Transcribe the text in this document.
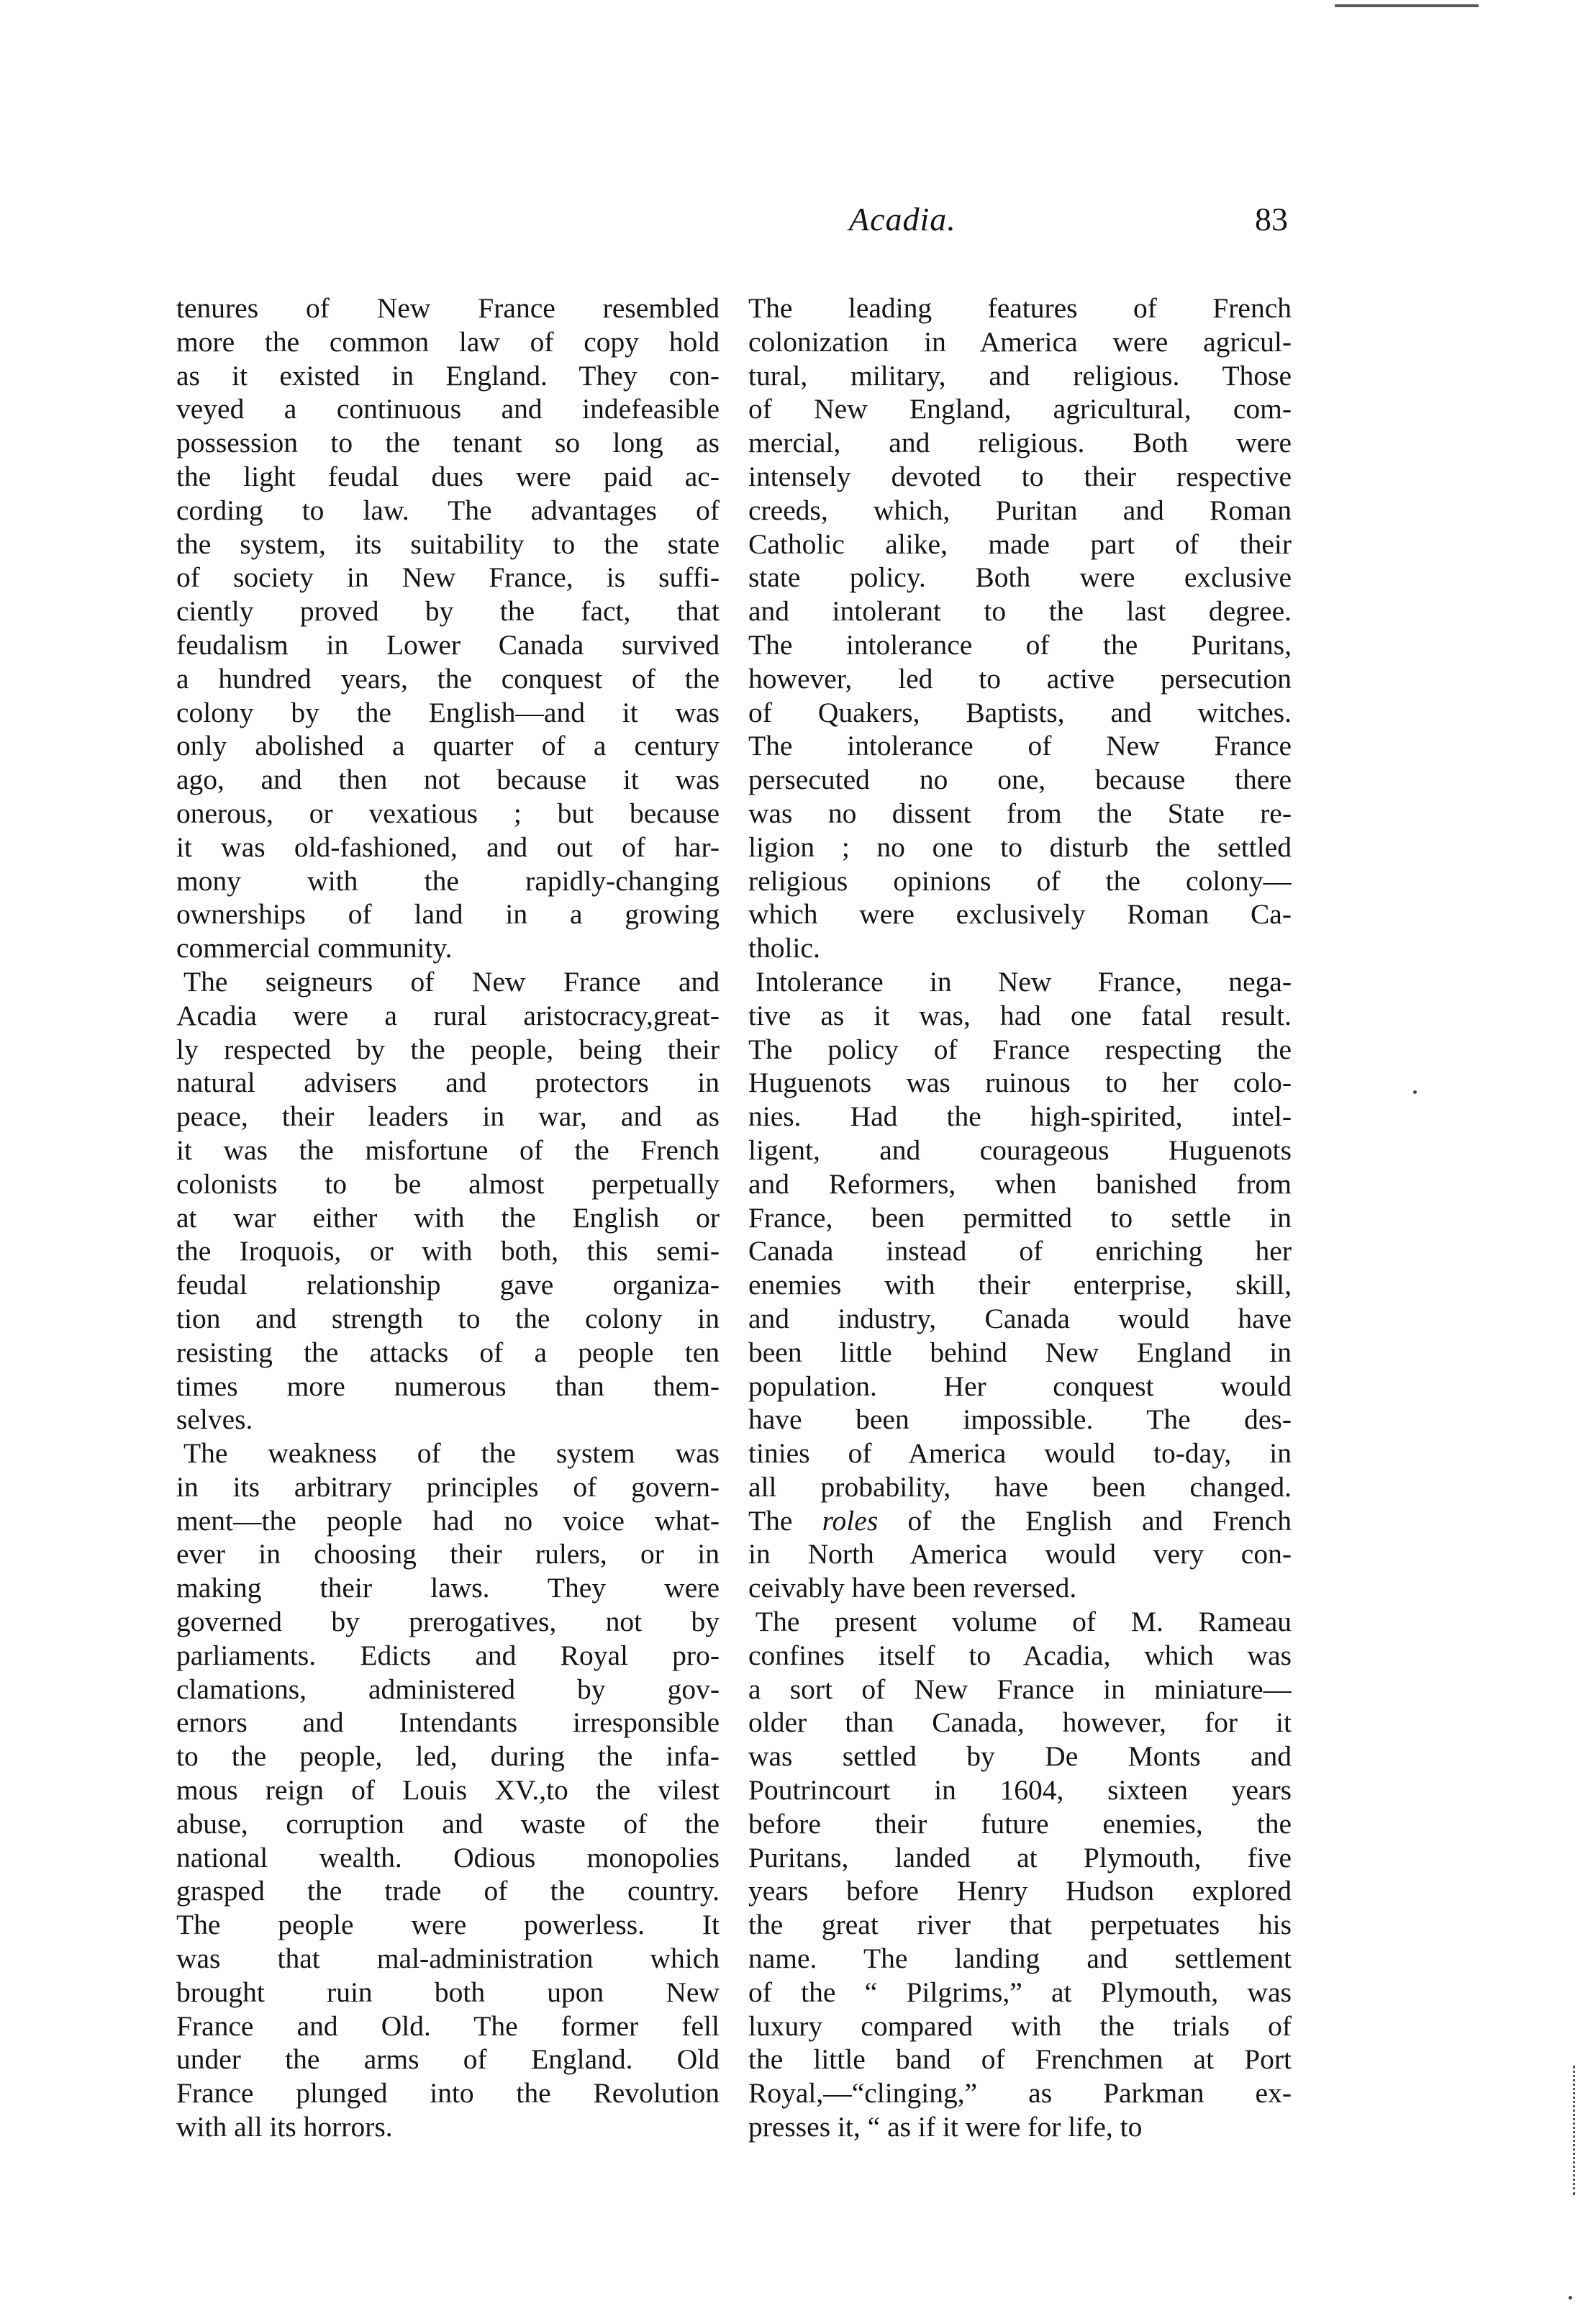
Acadia.	83
tenures of New France resembled
more the common law of copy hold
as it existed in England. They con-
veyed a continuous and indefeasible
possession to the tenant so long as
the light feudal dues were paid ac-
cording to law. The advantages of
the system, its suitability to the state
of society in New France, is suffi-
ciently proved by the fact, that
feudalism in Lower Canada survived
a hundred years, the conquest of the
colony by the English—and it was
only abolished a quarter of a century
ago, and then not because it was
onerous, or vexatious ; but because
it was old-fashioned, and out of har-
mony with the rapidly-changing
ownerships of land in a growing
commercial community.
The seigneurs of New France and
Acadia were a rural aristocracy,great-
ly respected by the people, being their
natural advisers and protectors in
peace, their leaders in war, and as
it was the misfortune of the French
colonists to be almost perpetually
at war either with the English or
the Iroquois, or with both, this semi-
feudal relationship gave organiza-
tion and strength to the colony in
resisting the attacks of a people ten
times more numerous than them-
selves.
The weakness of the system was
in its arbitrary principles of govern-
ment—the people had no voice what-
ever in choosing their rulers, or in
making their laws. They were
governed by prerogatives, not by
parliaments. Edicts and Royal pro-
clamations, administered by gov-
ernors and Intendants irresponsible
to the people, led, during the infa-
mous reign of Louis XV.,to the vilest
abuse, corruption and waste of the
national wealth. Odious monopolies
grasped the trade of the country.
The people were powerless. It
was that mal-administration which
brought ruin both upon New
France and Old. The former fell
under the arms of England. Old
France plunged into the Revolution
with all its horrors.
The leading features of French
colonization in America were agricul-
tural, military, and religious. Those
of New England, agricultural, com-
mercial, and religious. Both were
intensely devoted to their respective
creeds, which, Puritan and Roman
Catholic alike, made part of their
state policy. Both were exclusive
and intolerant to the last degree.
The intolerance of the Puritans,
however, led to active persecution
of Quakers, Baptists, and witches.
The intolerance of New France
persecuted no one, because there
was no dissent from the State re-
ligion ; no one to disturb the settled
religious opinions of the colony—
which were exclusively Roman Ca-
tholic.
Intolerance in New France, nega-
tive as it was, had one fatal result.
The policy of France respecting the
Huguenots was ruinous to her colo-
nies. Had the high-spirited, intel-
ligent, and courageous Huguenots
and Reformers, when banished from
France, been permitted to settle in
Canada instead of enriching her
enemies with their enterprise, skill,
and industry, Canada would have
been little behind New England in
population. Her conquest would
have been impossible. The des-
tinies of America would to-day, in
all probability, have been changed.
The roles of the English and French
in North America would very con-
ceivably have been reversed.
The present volume of M. Rameau
confines itself to Acadia, which was
a sort of New France in miniature—
older than Canada, however, for it
was settled by De Monts and
Poutrincourt in 1604, sixteen years
before their future enemies, the
Puritans, landed at Plymouth, five
years before Henry Hudson explored
the great river that perpetuates his
name. The landing and settlement
of the “ Pilgrims,” at Plymouth, was
luxury compared with the trials of
the little band of Frenchmen at Port
Royal,—“clinging,” as Parkman ex-
presses it, “ as if it were for life, to
